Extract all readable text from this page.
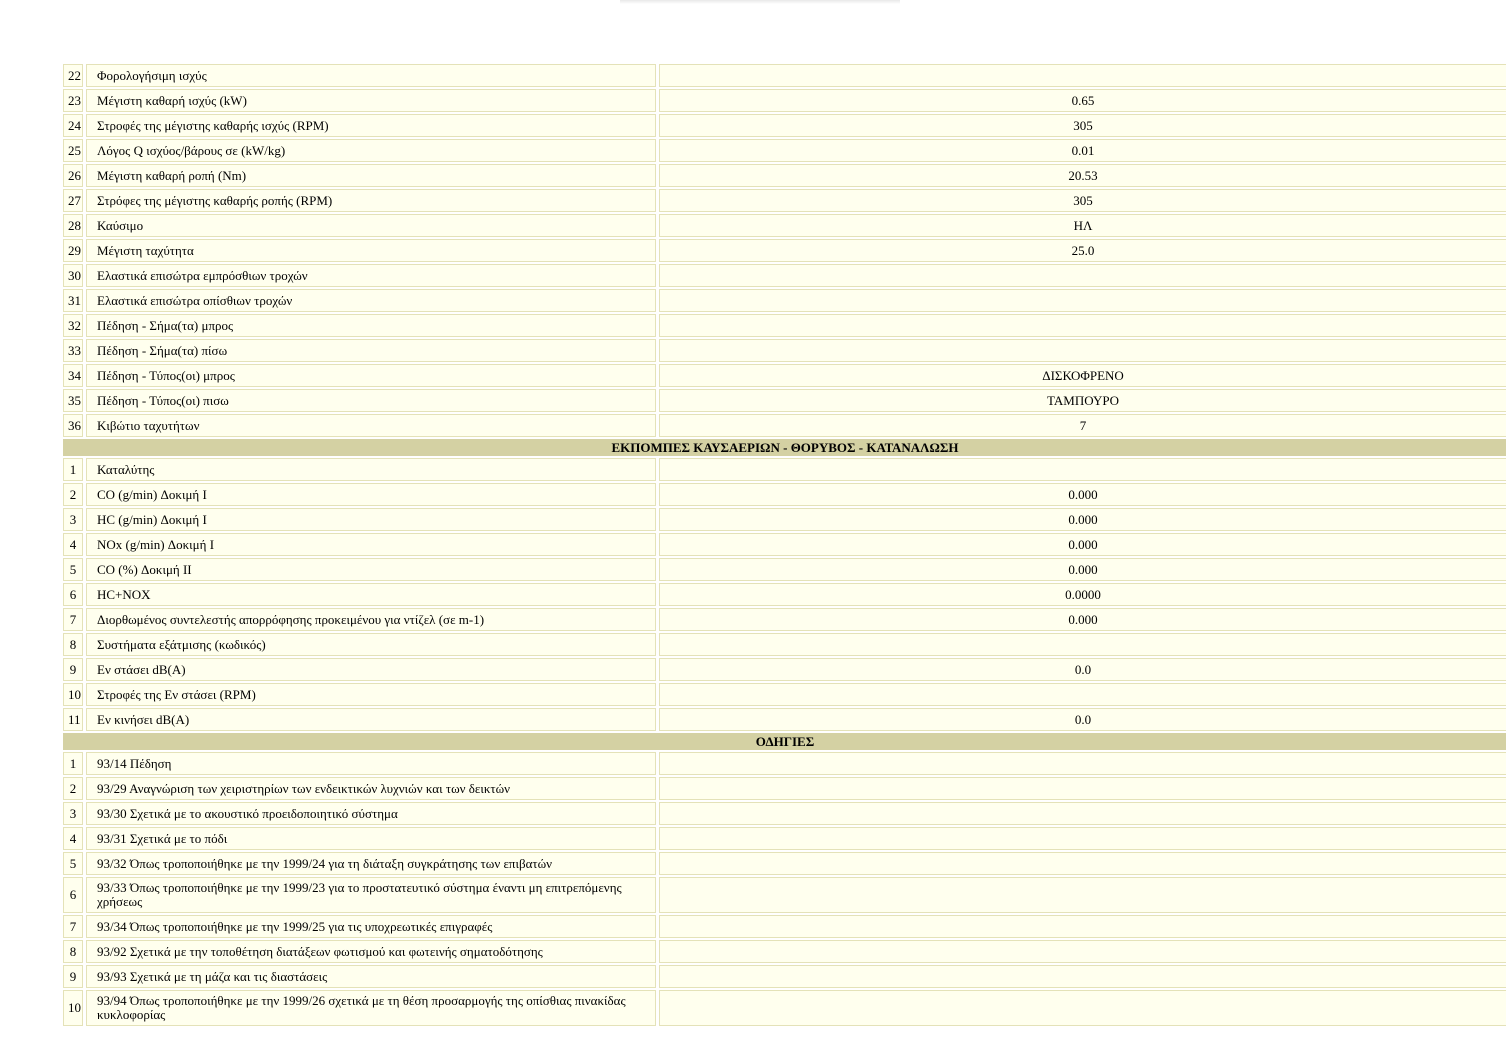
22	Φορολογήσιμη ισχύς	
23	Μέγιστη καθαρή ισχύς (kW)	0.65
24	Στροφές της μέγιστης καθαρής ισχύς (RPM)	305
25	Λόγος Q ισχύος/βάρους σε (kW/kg)	0.01
26	Μέγιστη καθαρή ροπή (Nm)	20.53
27	Στρόφες της μέγιστης καθαρής ροπής (RPM)	305
28	Καύσιμο	ΗΛ
29	Μέγιστη ταχύτητα	25.0
30	Ελαστικά επισώτρα εμπρόσθιων τροχών	
31	Ελαστικά επισώτρα οπίσθιων τροχών	
32	Πέδηση - Σήμα(τα) μπρος	
33	Πέδηση - Σήμα(τα) πίσω	
34	Πέδηση - Τύπος(οι) μπρος	ΔΙΣΚΟΦΡΕΝΟ
35	Πέδηση - Τύπος(οι) πισω	ΤΑΜΠΟΥΡΟ
36	Κιβώτιο ταχυτήτων	7
ΕΚΠΟΜΠΕΣ ΚΑΥΣΑΕΡΙΩΝ - ΘΟΡΥΒΟΣ - ΚΑΤΑΝΑΛΩΣΗ		
1	Καταλύτης	
2	CO (g/min) Δοκιμή Ι	0.000
3	HC (g/min) Δοκιμή Ι	0.000
4	NOx (g/min) Δοκιμή Ι	0.000
5	CO (%) Δοκιμή ΙΙ	0.000
6	HC+NOX	0.0000
7	Διορθωμένος συντελεστής απορρόφησης προκειμένου για ντίζελ (σε m-1)	0.000
8	Συστήματα εξάτμισης (κωδικός)	
9	Εν στάσει dB(A)	0.0
10	Στροφές της Εν στάσει (RPM)	
11	Εν κινήσει dB(A)	0.0
ΟΔΗΓΙΕΣ		
1	93/14 Πέδηση	
2	93/29 Αναγνώριση των χειριστηρίων των ενδεικτικών λυχνιών και των δεικτών	
3	93/30 Σχετικά με το ακουστικό προειδοποιητικό σύστημα	
4	93/31 Σχετικά με το πόδι	
5	93/32 Όπως τροποποιήθηκε με την 1999/24 για τη διάταξη συγκράτησης των επιβατών	
6	93/33 Όπως τροποποιήθηκε με την 1999/23 για το προστατευτικό σύστημα έναντι μη επιτρεπόμενης χρήσεως	
7	93/34 Όπως τροποποιήθηκε με την 1999/25 για τις υποχρεωτικές επιγραφές	
8	93/92 Σχετικά με την τοποθέτηση διατάξεων φωτισμού και φωτεινής σηματοδότησης	
9	93/93 Σχετικά με τη μάζα και τις διαστάσεις	
10	93/94 Όπως τροποποιήθηκε με την 1999/26 σχετικά με τη θέση προσαρμογής της οπίσθιας πινακίδας κυκλοφορίας	
